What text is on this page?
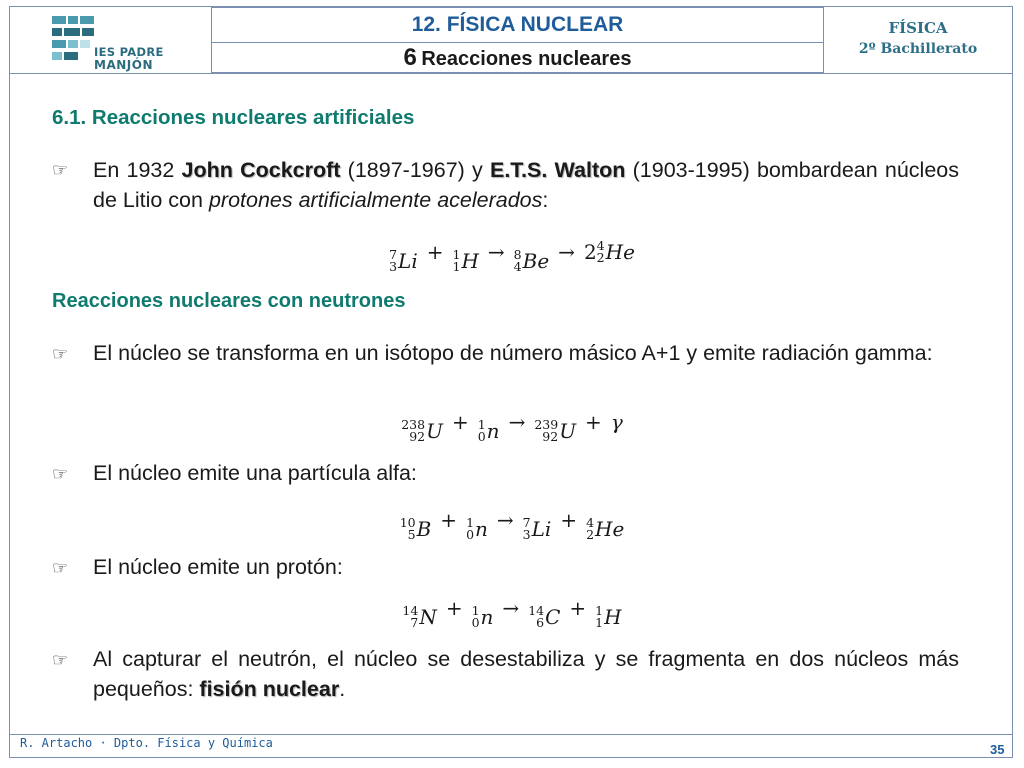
IES PADRE
MANJÓN
12. FÍSICA NUCLEAR
6 Reacciones nucleares
FÍSICA
2º Bachillerato
6.1. Reacciones nucleares artificiales
☞ En 1932 John Cockcroft (1897-1967) y E.T.S. Walton (1903-1995) bombardean núcleos de Litio con protones artificialmente acelerados:
7
3 Li + 1
1 H → 8
4 Be → 2 4
2 He
Reacciones nucleares con neutrones
☞ El núcleo se transforma en un isótopo de número másico A+1 y emite radiación gamma:
238
92 U + 1
0 n → 239
92 U + γ
☞ El núcleo emite una partícula alfa:
10
5 B + 1
0 n → 7
3 Li + 4
2 He
☞ El núcleo emite un protón:
14
7 N + 1
0 n → 14
6 C + 1
1 H
☞ Al capturar el neutrón, el núcleo se desestabiliza y se fragmenta en dos núcleos más pequeños: fisión nuclear.
R. Artacho · Dpto. Física y Química	35
